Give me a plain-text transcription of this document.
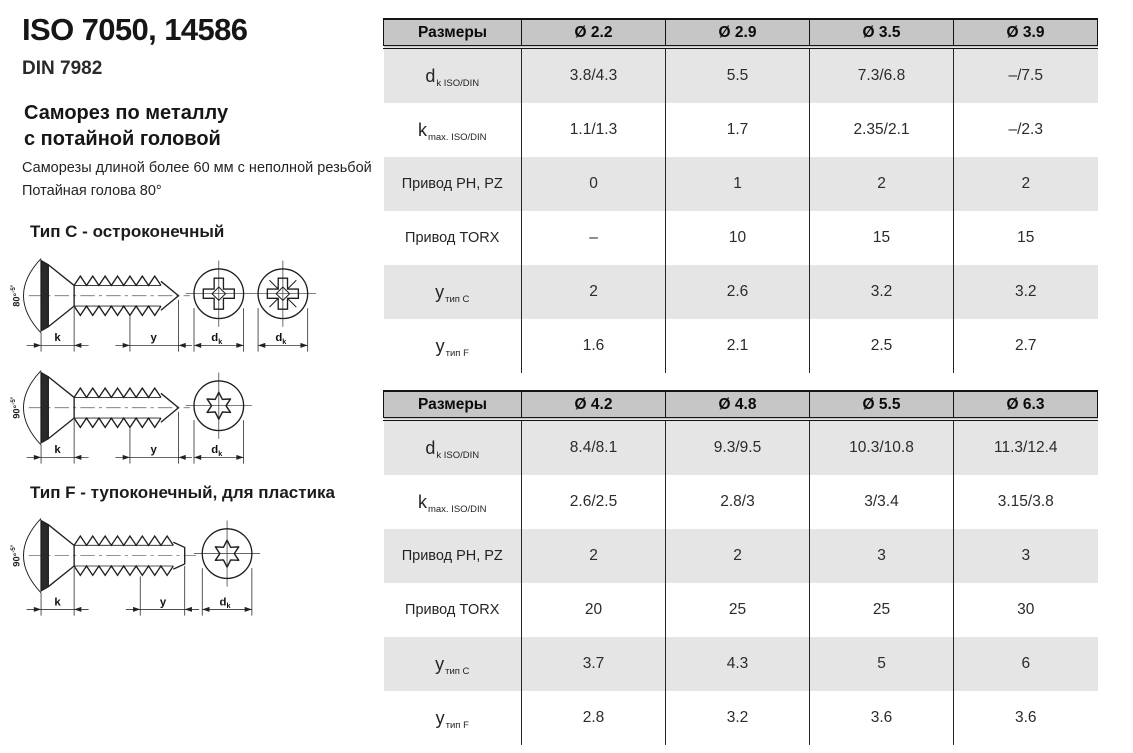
ISO 7050, 14586
DIN 7982
Саморез по металлу
с потайной головой
Саморезы длиной более 60 мм с неполной резьбой
Потайная голова 80°
Тип C - остроконечный
80°$^{-5^\circ}$
k	y	$d_k$	$d_k$
90°$^{-5^\circ}$
k	y	$d_k$
Тип F - тупоконечный, для пластика
90°$^{-5^\circ}$
k	y	$d_k$
Размеры	Ø 2.2	Ø 2.9	Ø 3.5	Ø 3.9
$d_{k ISO/DIN}$	3.8/4.3	5.5	7.3/6.8	–/7.5
$k_{max. ISO/DIN}$	1.1/1.3	1.7	2.35/2.1	–/2.3
Привод PH, PZ	0	1	2	2
Привод TORX	–	10	15	15
$y_{тип C}$	2	2.6	3.2	3.2
$y_{тип F}$	1.6	2.1	2.5	2.7
Размеры	Ø 4.2	Ø 4.8	Ø 5.5	Ø 6.3
$d_{k ISO/DIN}$	8.4/8.1	9.3/9.5	10.3/10.8	11.3/12.4
$k_{max. ISO/DIN}$	2.6/2.5	2.8/3	3/3.4	3.15/3.8
Привод PH, PZ	2	2	3	3
Привод TORX	20	25	25	30
$y_{тип C}$	3.7	4.3	5	6
$y_{тип F}$	2.8	3.2	3.6	3.6
